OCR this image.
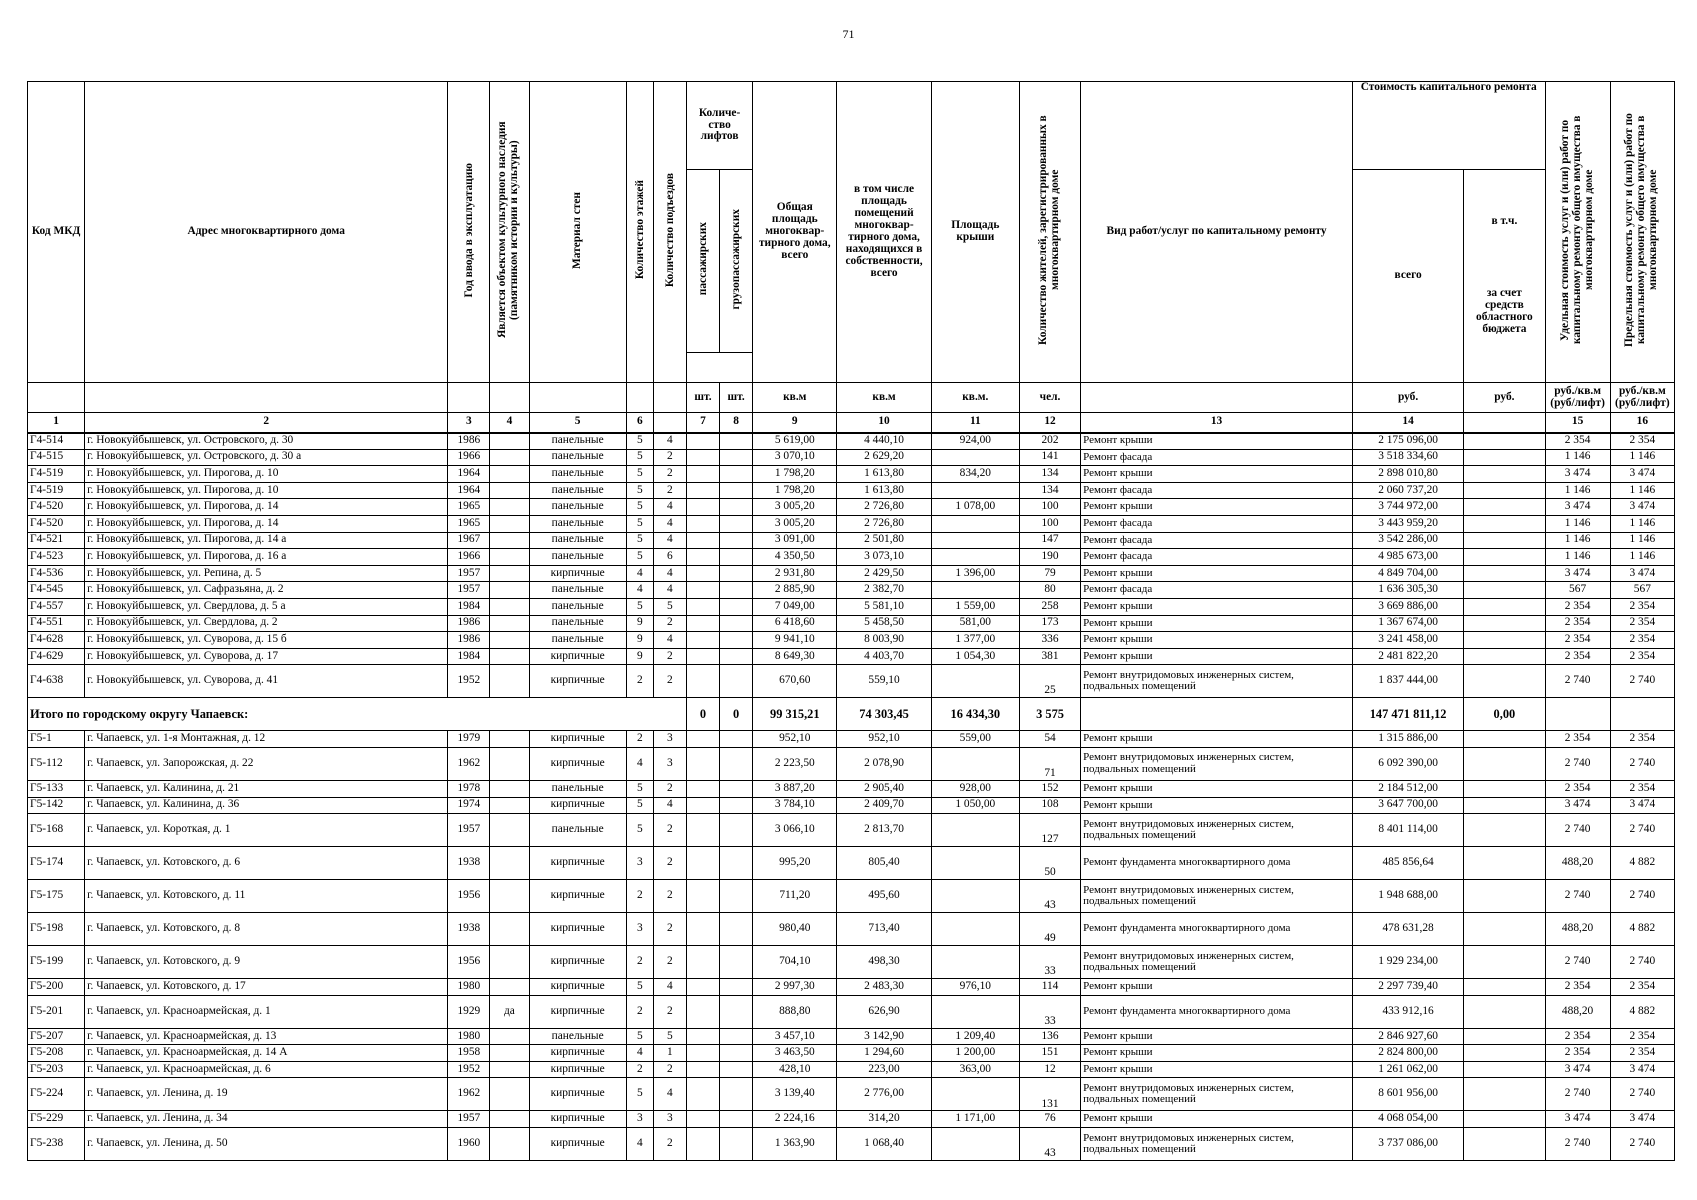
71
Код МКД	Адрес многоквартирного дома	Год ввода в эксплуатацию	Является объектом культурного наследия (памятником истории и культуры)	Материал стен	Количество этажей	Количество подъездов	Количе-ство лифтов		Общая площадь многоквар-тирного дома, всего	в том числе площадь помещений многоквар-тирного дома, находящихся в собственности, всего	Площадь крыши	Количество жителей, зарегистрированных в многоквартирном доме	Вид работ/услуг по капитальному ремонту	Стоимость капитального ремонта		Удельная стоимость услуг и (или) работ по капитальному ремонту общего имущества в многоквартирном доме	Предельная стоимость услуг и (или) работ по капитальному ремонту общего имущества в многоквартирном доме
							пассажирских	грузопассажирских						всего	в т.ч.
за счет средств областного бюджета		

							шт.	шт.	кв.м	кв.м	кв.м.	чел.		руб.	руб.	руб./кв.м (руб/лифт)	руб./кв.м (руб/лифт)
1	2	3	4	5	6		7	8	9	10	11	12	13	14		15	16
Г4-514	г. Новокуйбышевск, ул. Островского, д. 30	1986		панельные	5	4			5 619,00	4 440,10	924,00	202	Ремонт крыши	2 175 096,00		2 354	2 354
Г4-515	г. Новокуйбышевск, ул. Островского, д. 30 а	1966		панельные	5	2			3 070,10	2 629,20		141	Ремонт фасада	3 518 334,60		1 146	1 146
Г4-519	г. Новокуйбышевск, ул. Пирогова, д. 10	1964		панельные	5	2			1 798,20	1 613,80	834,20	134	Ремонт крыши	2 898 010,80		3 474	3 474
Г4-519	г. Новокуйбышевск, ул. Пирогова, д. 10	1964		панельные	5	2			1 798,20	1 613,80		134	Ремонт фасада	2 060 737,20		1 146	1 146
Г4-520	г. Новокуйбышевск, ул. Пирогова, д. 14	1965		панельные	5	4			3 005,20	2 726,80	1 078,00	100	Ремонт крыши	3 744 972,00		3 474	3 474
Г4-520	г. Новокуйбышевск, ул. Пирогова, д. 14	1965		панельные	5	4			3 005,20	2 726,80		100	Ремонт фасада	3 443 959,20		1 146	1 146
Г4-521	г. Новокуйбышевск, ул. Пирогова, д. 14 а	1967		панельные	5	4			3 091,00	2 501,80		147	Ремонт фасада	3 542 286,00		1 146	1 146
Г4-523	г. Новокуйбышевск, ул. Пирогова, д. 16 а	1966		панельные	5	6			4 350,50	3 073,10		190	Ремонт фасада	4 985 673,00		1 146	1 146
Г4-536	г. Новокуйбышевск, ул. Репина, д. 5	1957		кирпичные	4	4			2 931,80	2 429,50	1 396,00	79	Ремонт крыши	4 849 704,00		3 474	3 474
Г4-545	г. Новокуйбышевск, ул. Сафразьяна, д. 2	1957		панельные	4	4			2 885,90	2 382,70		80	Ремонт фасада	1 636 305,30		567	567
Г4-557	г. Новокуйбышевск, ул. Свердлова, д. 5 а	1984		панельные	5	5			7 049,00	5 581,10	1 559,00	258	Ремонт крыши	3 669 886,00		2 354	2 354
Г4-551	г. Новокуйбышевск, ул. Свердлова, д. 2	1986		панельные	9	2			6 418,60	5 458,50	581,00	173	Ремонт крыши	1 367 674,00		2 354	2 354
Г4-628	г. Новокуйбышевск, ул. Суворова, д. 15 б	1986		панельные	9	4			9 941,10	8 003,90	1 377,00	336	Ремонт крыши	3 241 458,00		2 354	2 354
Г4-629	г. Новокуйбышевск, ул. Суворова, д. 17	1984		кирпичные	9	2			8 649,30	4 403,70	1 054,30	381	Ремонт крыши	2 481 822,20		2 354	2 354
Г4-638	г. Новокуйбышевск, ул. Суворова, д. 41	1952		кирпичные	2	2			670,60	559,10		25	Ремонт внутридомовых инженерных систем, подвальных помещений	1 837 444,00		2 740	2 740
Итого по городскому округу Чапаевск:							0	0	99 315,21	74 303,45	16 434,30	3 575		147 471 811,12	0,00		
Г5-1	г. Чапаевск, ул. 1-я Монтажная, д. 12	1979		кирпичные	2	3			952,10	952,10	559,00	54	Ремонт крыши	1 315 886,00		2 354	2 354
Г5-112	г. Чапаевск, ул. Запорожская, д. 22	1962		кирпичные	4	3			2 223,50	2 078,90		71	Ремонт внутридомовых инженерных систем, подвальных помещений	6 092 390,00		2 740	2 740
Г5-133	г. Чапаевск, ул. Калинина, д. 21	1978		панельные	5	2			3 887,20	2 905,40	928,00	152	Ремонт крыши	2 184 512,00		2 354	2 354
Г5-142	г. Чапаевск, ул. Калинина, д. 36	1974		кирпичные	5	4			3 784,10	2 409,70	1 050,00	108	Ремонт крыши	3 647 700,00		3 474	3 474
Г5-168	г. Чапаевск, ул. Короткая, д. 1	1957		панельные	5	2			3 066,10	2 813,70		127	Ремонт внутридомовых инженерных систем, подвальных помещений	8 401 114,00		2 740	2 740
Г5-174	г. Чапаевск, ул. Котовского, д. 6	1938		кирпичные	3	2			995,20	805,40		50	Ремонт фундамента многоквартирного дома	485 856,64		488,20	4 882
Г5-175	г. Чапаевск, ул. Котовского, д. 11	1956		кирпичные	2	2			711,20	495,60		43	Ремонт внутридомовых инженерных систем, подвальных помещений	1 948 688,00		2 740	2 740
Г5-198	г. Чапаевск, ул. Котовского, д. 8	1938		кирпичные	3	2			980,40	713,40		49	Ремонт фундамента многоквартирного дома	478 631,28		488,20	4 882
Г5-199	г. Чапаевск, ул. Котовского, д. 9	1956		кирпичные	2	2			704,10	498,30		33	Ремонт внутридомовых инженерных систем, подвальных помещений	1 929 234,00		2 740	2 740
Г5-200	г. Чапаевск, ул. Котовского, д. 17	1980		кирпичные	5	4			2 997,30	2 483,30	976,10	114	Ремонт крыши	2 297 739,40		2 354	2 354
Г5-201	г. Чапаевск, ул. Красноармейская, д. 1	1929	да	кирпичные	2	2			888,80	626,90		33	Ремонт фундамента многоквартирного дома	433 912,16		488,20	4 882
Г5-207	г. Чапаевск, ул. Красноармейская, д. 13	1980		панельные	5	5			3 457,10	3 142,90	1 209,40	136	Ремонт крыши	2 846 927,60		2 354	2 354
Г5-208	г. Чапаевск, ул. Красноармейская, д. 14 А	1958		кирпичные	4	1			3 463,50	1 294,60	1 200,00	151	Ремонт крыши	2 824 800,00		2 354	2 354
Г5-203	г. Чапаевск, ул. Красноармейская, д. 6	1952		кирпичные	2	2			428,10	223,00	363,00	12	Ремонт крыши	1 261 062,00		3 474	3 474
Г5-224	г. Чапаевск, ул. Ленина, д. 19	1962		кирпичные	5	4			3 139,40	2 776,00		131	Ремонт внутридомовых инженерных систем, подвальных помещений	8 601 956,00		2 740	2 740
Г5-229	г. Чапаевск, ул. Ленина, д. 34	1957		кирпичные	3	3			2 224,16	314,20	1 171,00	76	Ремонт крыши	4 068 054,00		3 474	3 474
Г5-238	г. Чапаевск, ул. Ленина, д. 50	1960		кирпичные	4	2			1 363,90	1 068,40		43	Ремонт внутридомовых инженерных систем, подвальных помещений	3 737 086,00		2 740	2 740
